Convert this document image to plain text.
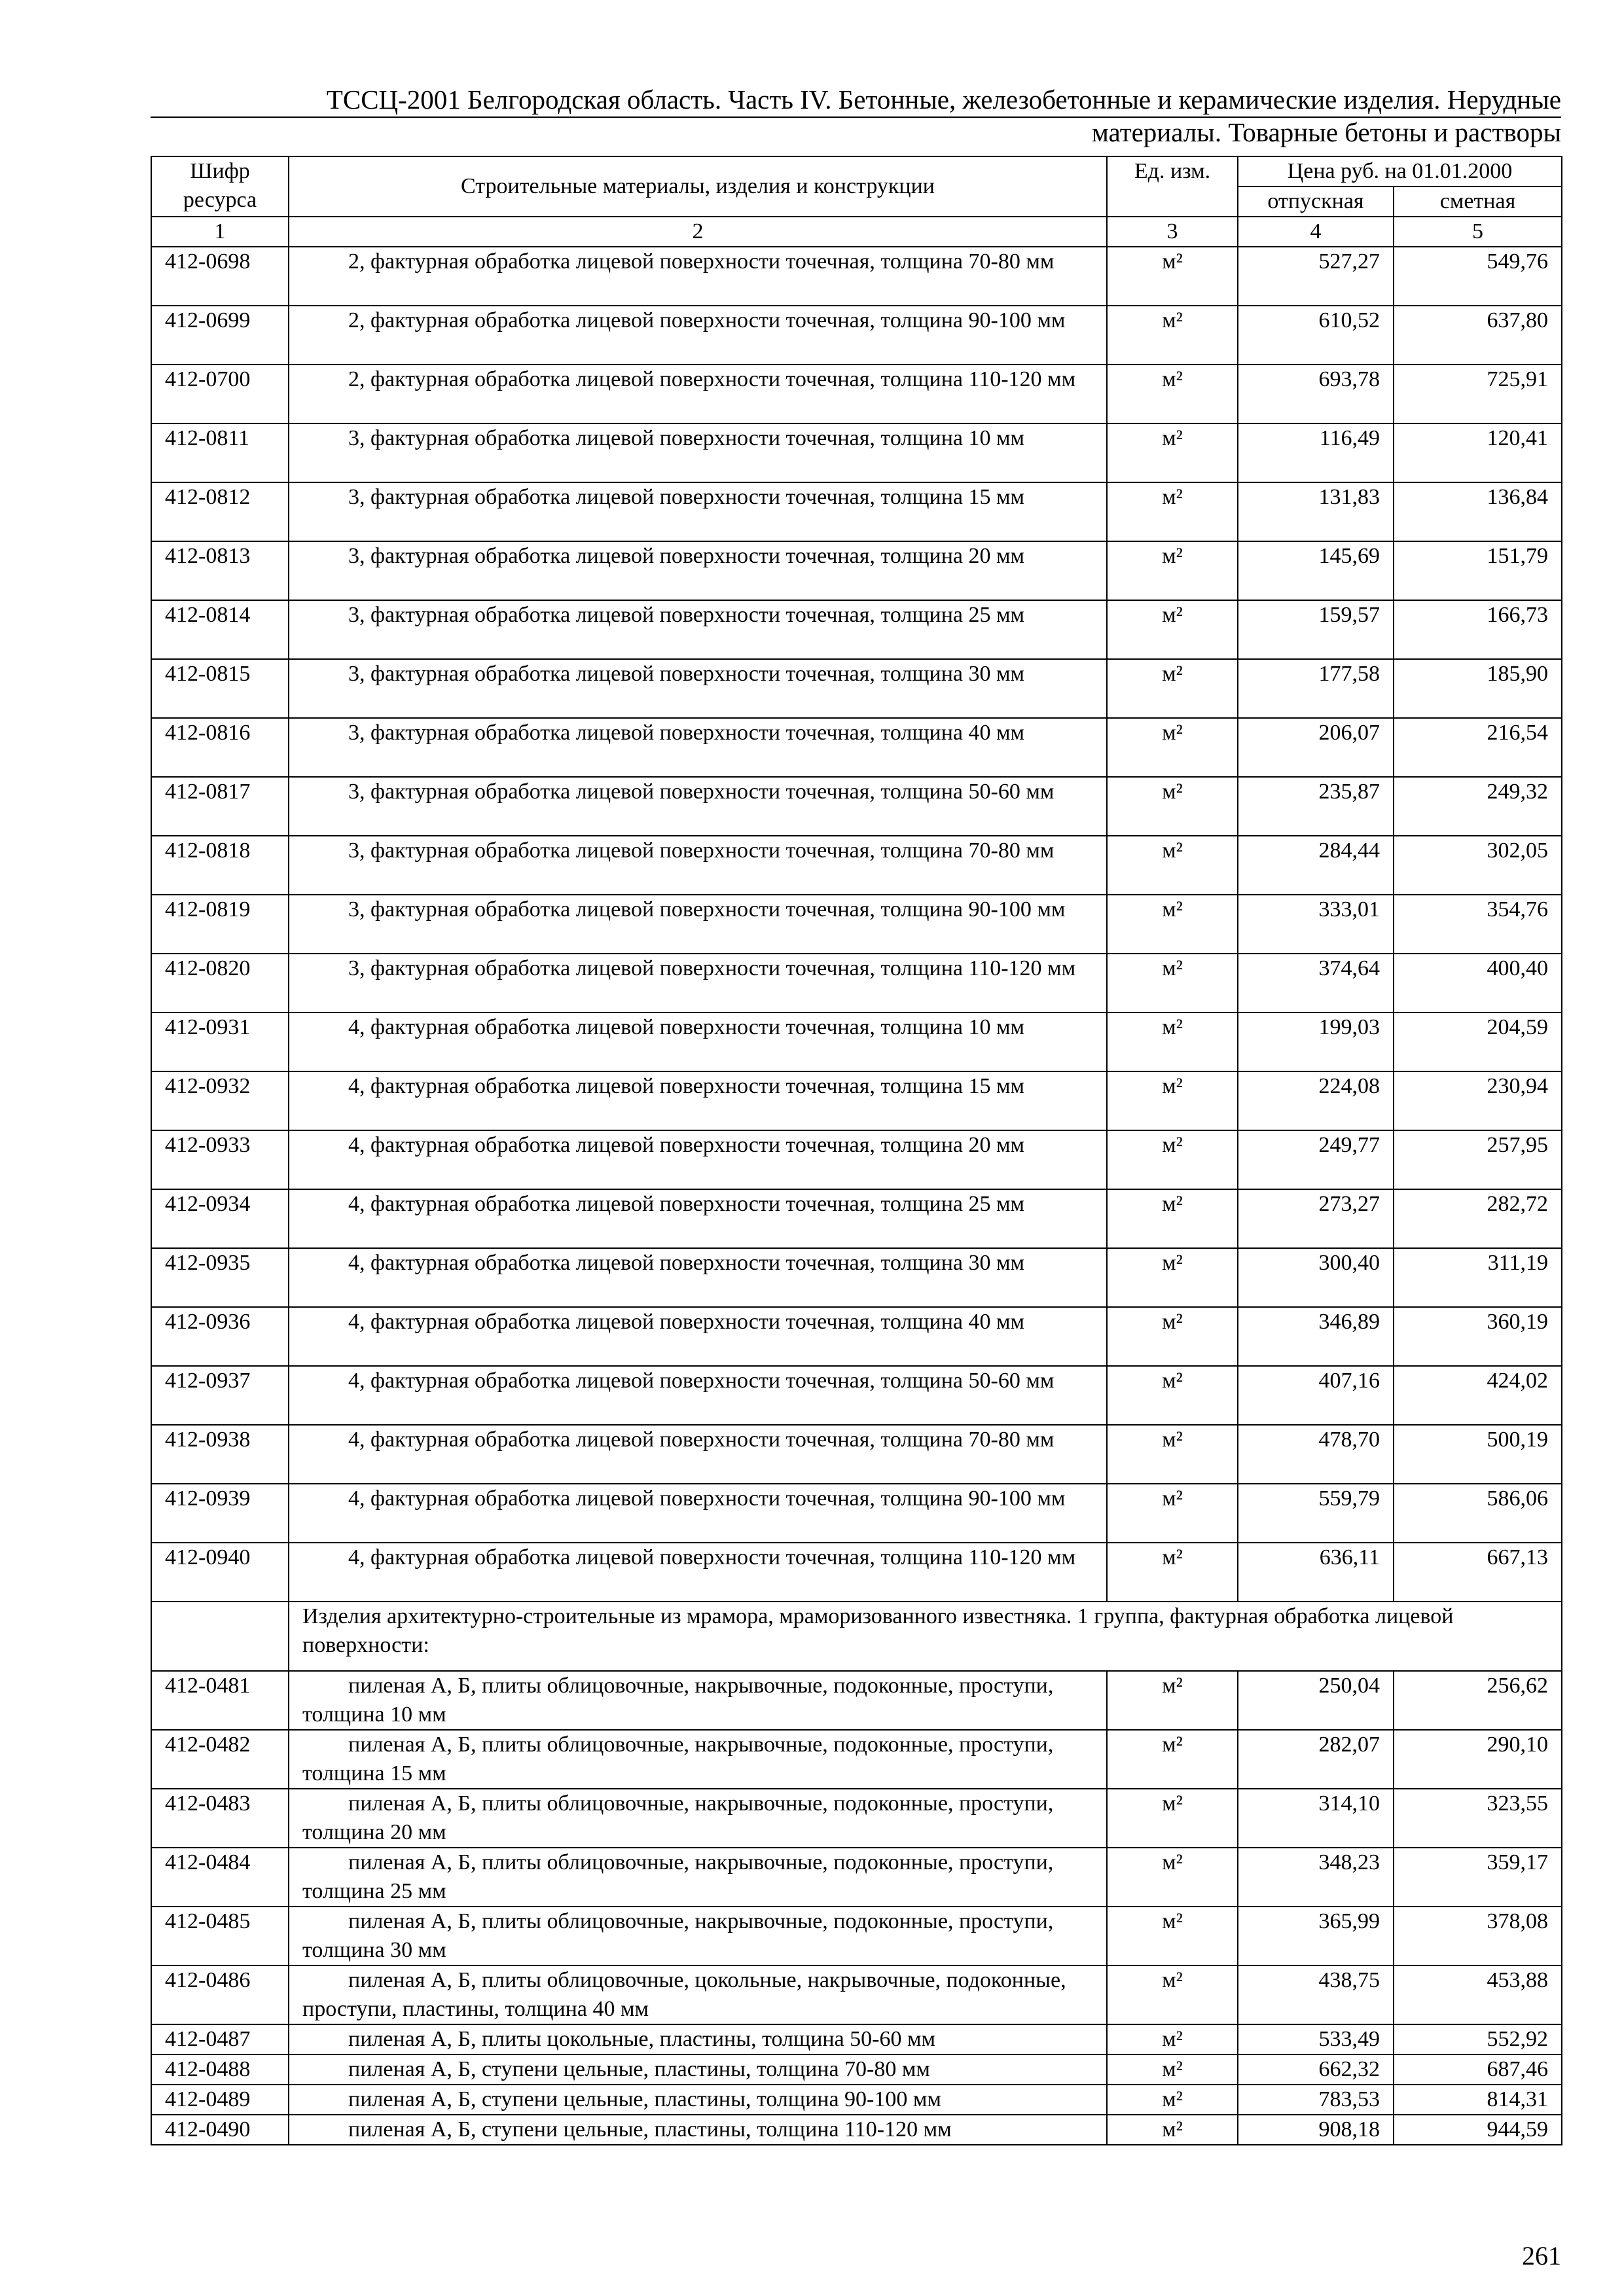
ТССЦ-2001 Белгородская область. Часть IV. Бетонные, железобетонные и керамические изделия. Нерудные
материалы. Товарные бетоны и растворы
Шифр ресурса	Строительные материалы, изделия и конструкции	Ед. изм.	Цена руб. на 01.01.2000	
			отпускная	сметная
1	2	3	4	5
412-0698	2, фактурная обработка лицевой поверхности точечная, толщина 70-80 мм	м²	527,27	549,76
412-0699	2, фактурная обработка лицевой поверхности точечная, толщина 90-100 мм	м²	610,52	637,80
412-0700	2, фактурная обработка лицевой поверхности точечная, толщина 110-120 мм	м²	693,78	725,91
412-0811	3, фактурная обработка лицевой поверхности точечная, толщина 10 мм	м²	116,49	120,41
412-0812	3, фактурная обработка лицевой поверхности точечная, толщина 15 мм	м²	131,83	136,84
412-0813	3, фактурная обработка лицевой поверхности точечная, толщина 20 мм	м²	145,69	151,79
412-0814	3, фактурная обработка лицевой поверхности точечная, толщина 25 мм	м²	159,57	166,73
412-0815	3, фактурная обработка лицевой поверхности точечная, толщина 30 мм	м²	177,58	185,90
412-0816	3, фактурная обработка лицевой поверхности точечная, толщина 40 мм	м²	206,07	216,54
412-0817	3, фактурная обработка лицевой поверхности точечная, толщина 50-60 мм	м²	235,87	249,32
412-0818	3, фактурная обработка лицевой поверхности точечная, толщина 70-80 мм	м²	284,44	302,05
412-0819	3, фактурная обработка лицевой поверхности точечная, толщина 90-100 мм	м²	333,01	354,76
412-0820	3, фактурная обработка лицевой поверхности точечная, толщина 110-120 мм	м²	374,64	400,40
412-0931	4, фактурная обработка лицевой поверхности точечная, толщина 10 мм	м²	199,03	204,59
412-0932	4, фактурная обработка лицевой поверхности точечная, толщина 15 мм	м²	224,08	230,94
412-0933	4, фактурная обработка лицевой поверхности точечная, толщина 20 мм	м²	249,77	257,95
412-0934	4, фактурная обработка лицевой поверхности точечная, толщина 25 мм	м²	273,27	282,72
412-0935	4, фактурная обработка лицевой поверхности точечная, толщина 30 мм	м²	300,40	311,19
412-0936	4, фактурная обработка лицевой поверхности точечная, толщина 40 мм	м²	346,89	360,19
412-0937	4, фактурная обработка лицевой поверхности точечная, толщина 50-60 мм	м²	407,16	424,02
412-0938	4, фактурная обработка лицевой поверхности точечная, толщина 70-80 мм	м²	478,70	500,19
412-0939	4, фактурная обработка лицевой поверхности точечная, толщина 90-100 мм	м²	559,79	586,06
412-0940	4, фактурная обработка лицевой поверхности точечная, толщина 110-120 мм	м²	636,11	667,13
	Изделия архитектурно-строительные из мрамора, мраморизованного известняка. 1 группа, фактурная обработка лицевой поверхности:			
412-0481	пиленая А, Б, плиты облицовочные, накрывочные, подоконные, проступи, толщина 10 мм	м²	250,04	256,62
412-0482	пиленая А, Б, плиты облицовочные, накрывочные, подоконные, проступи, толщина 15 мм	м²	282,07	290,10
412-0483	пиленая А, Б, плиты облицовочные, накрывочные, подоконные, проступи, толщина 20 мм	м²	314,10	323,55
412-0484	пиленая А, Б, плиты облицовочные, накрывочные, подоконные, проступи, толщина 25 мм	м²	348,23	359,17
412-0485	пиленая А, Б, плиты облицовочные, накрывочные, подоконные, проступи, толщина 30 мм	м²	365,99	378,08
412-0486	пиленая А, Б, плиты облицовочные, цокольные, накрывочные, подоконные, проступи, пластины, толщина 40 мм	м²	438,75	453,88
412-0487	пиленая А, Б, плиты цокольные, пластины, толщина 50-60 мм	м²	533,49	552,92
412-0488	пиленая А, Б, ступени цельные, пластины, толщина 70-80 мм	м²	662,32	687,46
412-0489	пиленая А, Б, ступени цельные, пластины, толщина 90-100 мм	м²	783,53	814,31
412-0490	пиленая А, Б, ступени цельные, пластины, толщина 110-120 мм	м²	908,18	944,59
261
